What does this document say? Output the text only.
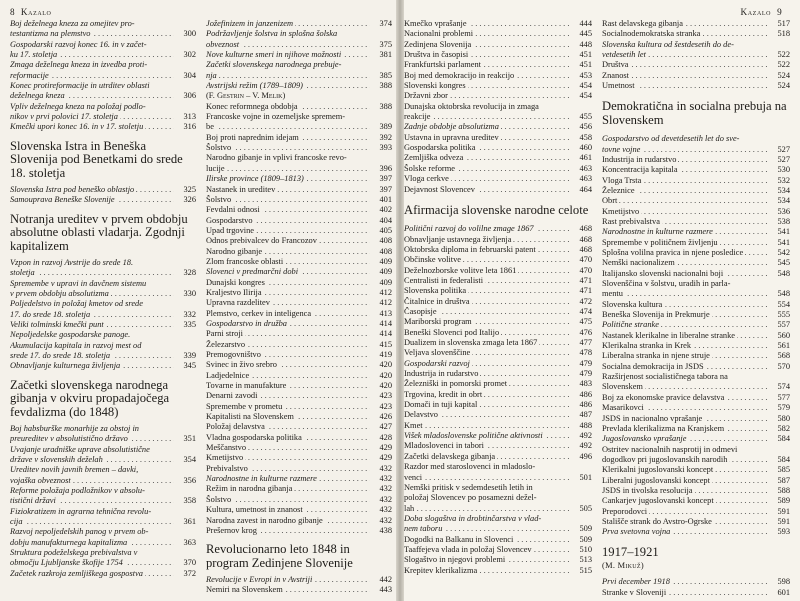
8 Kazalo
Boj deželnega kneza za omejitev pro-
testantizma na plemstvo . . .	300
Gospodarski razvoj konec 16. in v začet-
ku 17. stoletja . . .	302
Zmaga deželnega kneza in izvedba proti-
reformacije . . .	304
Konec protireformacije in utrditev oblasti
deželnega kneza . . .	306
Vpliv deželnega kneza na položaj podlo-
nikov v prvi polovici 17. stoletja . . .	313
Kmečki upori konec 16. in v 17. stoletju . . .	316
Slovenska Istra in Beneška Slovenija pod Benetkami do srede 18. stoletja
Slovenska Istra pod beneško oblastjo . . .	325
Samouprava Beneške Slovenije . . .	326
Notranja ureditev v prvem obdobju absolutne oblasti vladarja. Zgodnji kapitalizem
Vzpon in razvoj Avstrije do srede 18.
stoletja . . .	328
Spremembe v upravi in davčnem sistemu
v prvem obdobju absolutizma . . .	330
Poljedelstvo in položaj kmetov od srede
17. do srede 18. stoletja . . .	332
Veliki tolminski kmečki punt . . .	335
Nepoljedelske gospodarske panoge.
Akumulacija kapitala in razvoj mest od
srede 17. do srede 18. stoletja . . .	339
Obnavljanje kulturnega življenja . . .	345
Začetki slovenskega narodnega gibanja v okviru propadajočega fevdalizma (do 1848)
Boj habsburške monarhije za obstoj in
preureditev v absolutistično državo . . .	351
Uvajanje uradniške uprave absolutistične
države v slovenskih deželah . . .	354
Ureditev novih javnih bremen – davki,
vojaška obveznost . . .	356
Reforme položaja podložnikov v absolu-
tistični državi . . .	358
Fiziokratizem in agrarna tehnična revolu-
cija . . .	361
Razvoj nepoljedelskih panog v prvem ob-
dobju manufakturnega kapitalizma . . .	363
Struktura podeželskega prebivalstva v
območju Ljubljanske škofije 1754 . . .	370
Začetek razkroja zemljiškega gospostva . . .	372
Jožefinizem in janzenizem . . .	374
Podržavljenje šolstva in splošna šolska
obveznost . . .	375
Nove kulturne smeri in njihove možnosti . . .	381
Začetki slovenskega narodnega prebuje-
nja . . .	385
Avstrijski režim (1789–1809) . . .	388
(F. Gestrin – V. Melik)
Konec reformnega obdobja . . .	388
Francoske vojne in ozemeljske spremem-
be . . .	389
Boj proti naprednim idejam . . .	392
Šolstvo . . .	393
Narodno gibanje in vplivi francoske revo-
lucije . . .	396
Ilirske province (1809–1813) . . .	397
Nastanek in ureditev . . .	397
Šolstvo . . .	401
Fevdalni odnosi . . .	402
Gospodarstvo . . .	404
Upad trgovine . . .	405
Odnos prebivalcev do Francozov . . .	408
Narodno gibanje . . .	408
Zlom francoske oblasti . . .	409
Slovenci v predmarčni dobi . . .	409
Dunajski kongres . . .	409
Kraljestvo Ilirija . . .	412
Upravna razdelitev . . .	412
Plemstvo, cerkev in inteligenca . . .	413
Gospodarstvo in družba . . .	414
Parni stroji . . .	414
Železarstvo . . .	415
Premogovništvo . . .	419
Svinec in živo srebro . . .	420
Ladjedelnice . . .	420
Tovarne in manufakture . . .	420
Denarni zavodi . . .	423
Spremembe v prometu . . .	423
Kapitalisti na Slovenskem . . .	426
Položaj delavstva . . .	427
Vladna gospodarska politika . . .	428
Meščanstvo . . .	429
Kmetijstvo . . .	429
Prebivalstvo . . .	432
Narodnostne in kulturne razmere . . .	432
Režim in narodna gibanja . . .	432
Šolstvo . . .	432
Kultura, umetnost in znanost . . .	432
Narodna zavest in narodno gibanje . . .	432
Prešernov krog . . .	438
Revolucionarno leto 1848 in program Zedinjene Slovenije
Revolucije v Evropi in v Avstriji . . .	442
Nemiri na Slovenskem . . .	443
Kazalo 9
Kmečko vprašanje . . .	444
Nacionalni problemi . . .	445
Zedinjena Slovenija . . .	448
Društva in časopisi . . .	451
Frankfurtski parlament . . .	451
Boj med demokracijo in reakcijo . . .	453
Slovenski kongres . . .	454
Državni zbor . . .	454
Dunajska oktobrska revolucija in zmaga
reakcije . . .	455
Zadnje obdobje absolutizma . . .	456
Ustavna in upravna ureditev . . .	458
Gospodarska politika . . .	460
Zemljiška odveza . . .	461
Šolske reforme . . .	463
Vloga cerkve . . .	463
Dejavnost Slovencev . . .	464
Afirmacija slovenske narodne celote
Politični razvoj do volilne zmage 1867 . . .	468
Obnavljanje ustavnega življenja . . .	468
Oktobrska diploma in februarski patent . . .	468
Občinske volitve . . .	470
Deželnozborske volitve leta 1861 . . .	470
Centralisti in federalisti . . .	471
Slovenska politika . . .	471
Čitalnice in društva . . .	472
Časopisje . . .	474
Mariborski program . . .	475
Beneški Slovenci pod Italijo . . .	476
Dualizem in slovenska zmaga leta 1867 . . .	477
Veljava slovenščine . . .	478
Gospodarski razvoj . . .	479
Industrija in rudarstvo . . .	479
Železniški in pomorski promet . . .	483
Trgovina, kredit in obrt . . .	486
Domači in tuji kapital . . .	486
Delavstvo . . .	487
Kmet . . .	488
Višek mladoslovenske politične aktivnosti . . .	492
Mladoslovenci in tabori . . .	492
Začetki delavskega gibanja . . .	496
Razdor med staroslovenci in mladoslo-
venci . . .	501
Nemški pritisk v sedemdesetih letih in
položaj Slovencev po posamezni dežel-
lah . . .	505
Doba slogaštva in drobtinčarstva v vlad-
nem taboru . . .	509
Dogodki na Balkanu in Slovenci . . .	509
Taaffejeva vlada in položaj Slovencev . . .	510
Slogaštvo in njegovi problemi . . .	513
Krepitev klerikalizma . . .	515
Rast delavskega gibanja . . .	517
Socialnodemokratska stranka . . .	518
Slovenska kultura od šestdesetih do de-
vetdesetih let . . .	522
Društva . . .	522
Znanost . . .	524
Umetnost . . .	524
Demokratična in socialna prebuja na Slovenskem
Gospodarstvo od devetdesetih let do sve-
tovne vojne . . .	527
Industrija in rudarstvo . . .	527
Koncentracija kapitala . . .	530
Vloga Trsta . . .	532
Železnice . . .	534
Obrt . . .	534
Kmetijstvo . . .	536
Rast prebivalstva . . .	538
Narodnostne in kulturne razmere . . .	541
Spremembe v političnem življenju . . .	541
Splošna volilna pravica in njene posledice . . .	542
Nemški nacionalizem . . .	545
Italijansko slovenski nacionalni boji . . .	548
Slovenščina v šolstvu, uradih in parla-
mentu . . .	548
Slovenska kultura . . .	554
Beneška Slovenija in Prekmurje . . .	555
Politične stranke . . .	557
Nastanek klerikalne in liberalne stranke . . .	560
Klerikalna stranka in Krek . . .	561
Liberalna stranka in njene struje . . .	568
Socialna demokracija in JSDS . . .	570
Razširjenost socialističnega tabora na
Slovenskem . . .	574
Boj za ekonomske pravice delavstva . . .	577
Masarikovci . . .	579
JSDS in nacionalno vprašanje . . .	580
Prevlada klerikalizma na Kranjskem . . .	582
Jugoslovansko vprašanje . . .	584
Ostritev nacionalnih nasprotij in odmevi
dogodkov pri jugoslovanskih narodih . . .	584
Klerikalni jugoslovanski koncept . . .	585
Liberalni jugoslovanski koncept . . .	587
JSDS in tivolska resolucija . . .	588
Cankarjev jugoslovanski koncept . . .	589
Preporodovci . . .	591
Stališče strank do Avstro-Ogrske . . .	591
Prva svetovna vojna . . .	593
1917–1921
(M. Mikuž)
Prvi december 1918 . . .	598
Stranke v Sloveniji . . .	601
